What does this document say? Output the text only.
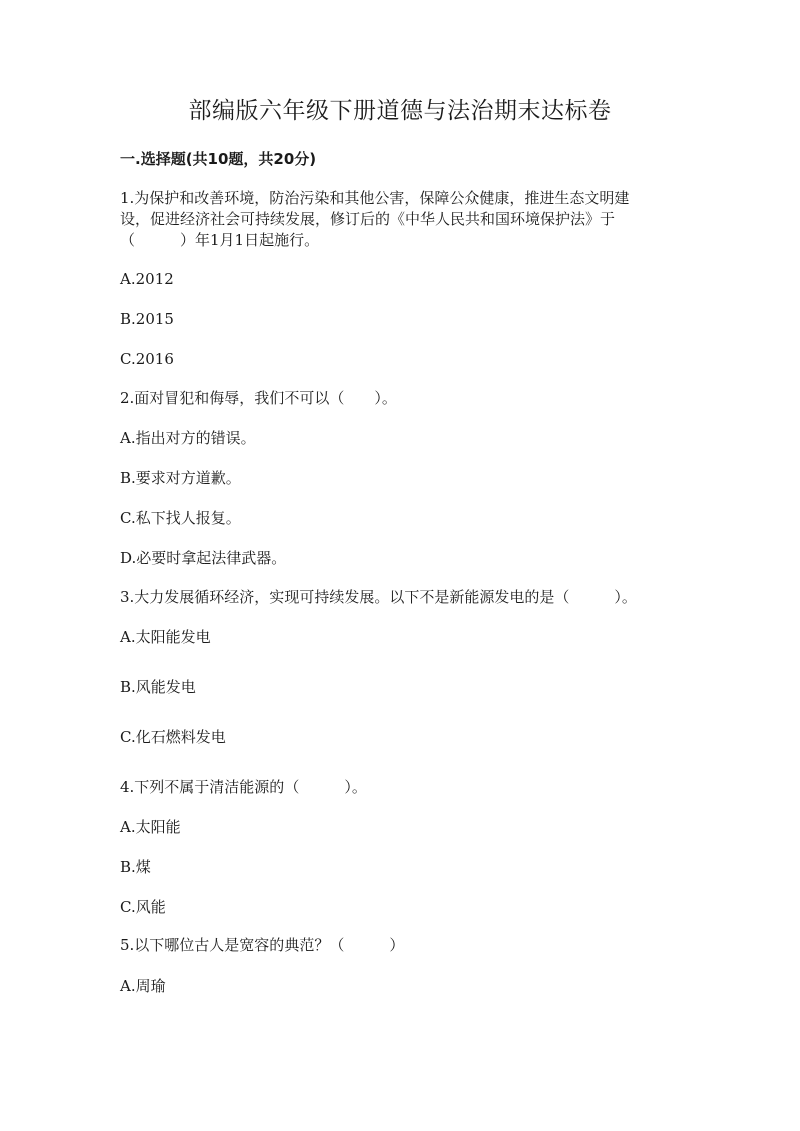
部编版六年级下册道德与法治期末达标卷
一.选择题(共10题，共20分)
1.为保护和改善环境，防治污染和其他公害，保障公众健康，推进生态文明建
设，促进经济社会可持续发展，修订后的《中华人民共和国环境保护法》于
（　　　）年1月1日起施行。
A.2012
B.2015
C.2016
2.面对冒犯和侮辱，我们不可以（　　）。
A.指出对方的错误。
B.要求对方道歉。
C.私下找人报复。
D.必要时拿起法律武器。
3.大力发展循环经济，实现可持续发展。以下不是新能源发电的是（　　　）。
A.太阳能发电
B.风能发电
C.化石燃料发电
4.下列不属于清洁能源的（　　　）。
A.太阳能
B.煤
C.风能
5.以下哪位古人是宽容的典范？（　　　）
A.周瑜
